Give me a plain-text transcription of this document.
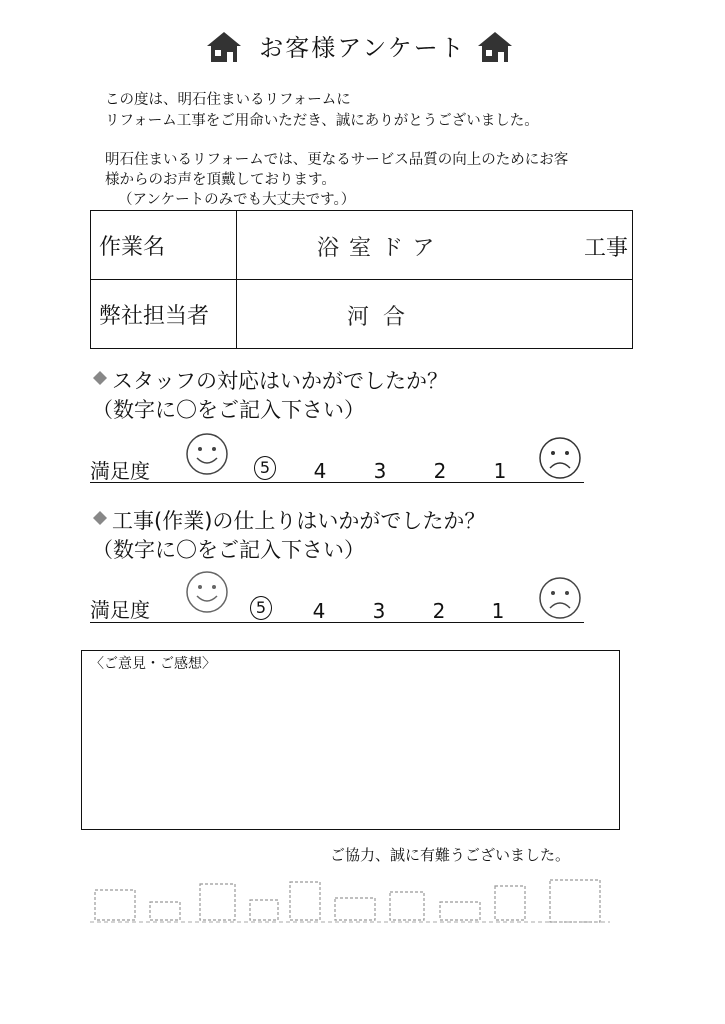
お客様アンケート
この度は、明石住まいるリフォームに
リフォーム工事をご用命いただき、誠にありがとうございました。
明石住まいるリフォームでは、更なるサービス品質の向上のためにお客
様からのお声を頂戴しております。
（アンケートのみでも大丈夫です。）
作業名	浴室ドア 工事

弊社担当者	河合
スタッフの対応はいかがでしたか？
（数字に〇をご記入下さい）
満足度	5	4	3	2	1
工事(作業)の仕上りはいかがでしたか？
（数字に〇をご記入下さい）
満足度	5	4	3	2	1
〈ご意見・ご感想〉
ご協力、誠に有難うございました。
